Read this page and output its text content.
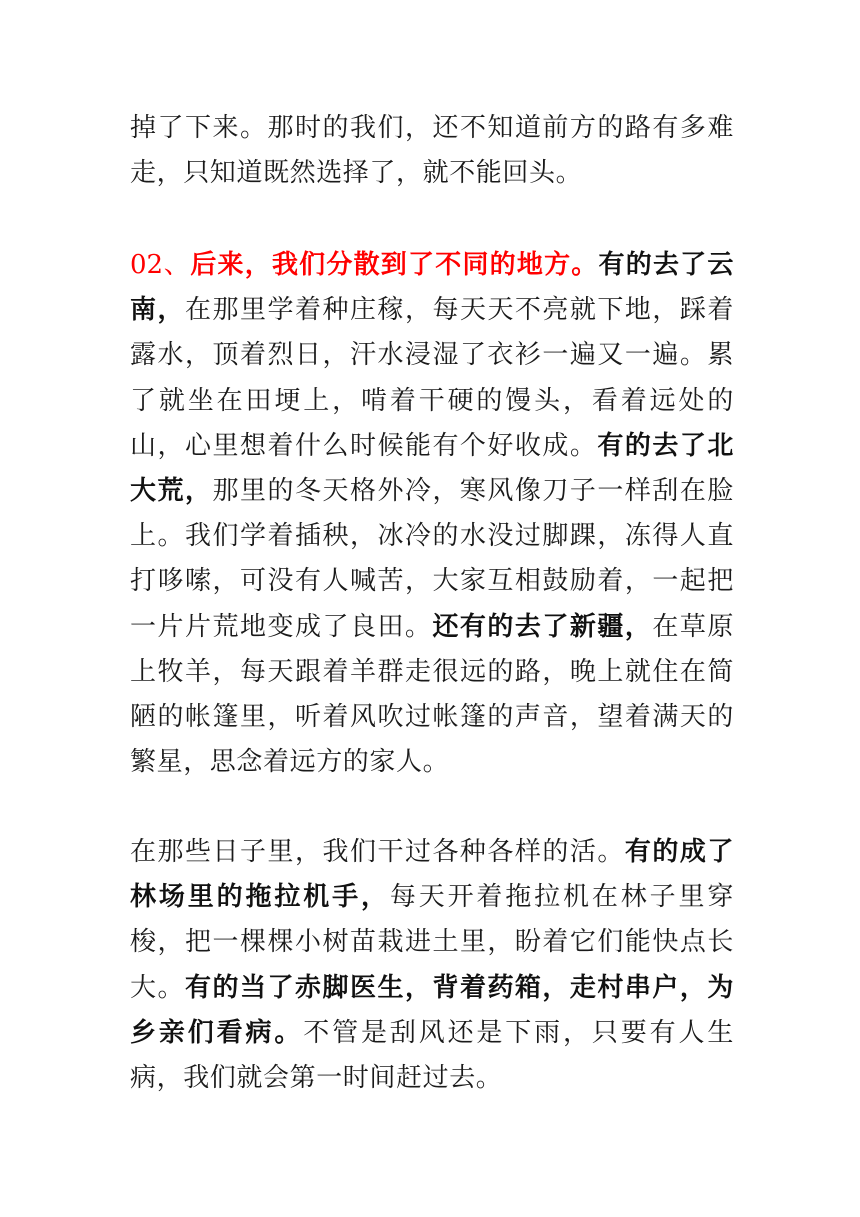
掉了下来。那时的我们，还不知道前方的路有多难走，只知道既然选择了，就不能回头。

02、后来，我们分散到了不同的地方。有的去了云南，在那里学着种庄稼，每天天不亮就下地，踩着露水，顶着烈日，汗水浸湿了衣衫一遍又一遍。累了就坐在田埂上，啃着干硬的馒头，看着远处的山，心里想着什么时候能有个好收成。有的去了北大荒，那里的冬天格外冷，寒风像刀子一样刮在脸上。我们学着插秧，冰冷的水没过脚踝，冻得人直打哆嗦，可没有人喊苦，大家互相鼓励着，一起把一片片荒地变成了良田。还有的去了新疆，在草原上牧羊，每天跟着羊群走很远的路，晚上就住在简陋的帐篷里，听着风吹过帐篷的声音，望着满天的繁星，思念着远方的家人。

在那些日子里，我们干过各种各样的活。有的成了林场里的拖拉机手，每天开着拖拉机在林子里穿梭，把一棵棵小树苗栽进土里，盼着它们能快点长大。有的当了赤脚医生，背着药箱，走村串户，为乡亲们看病。不管是刮风还是下雨，只要有人生病，我们就会第一时间赶过去。
